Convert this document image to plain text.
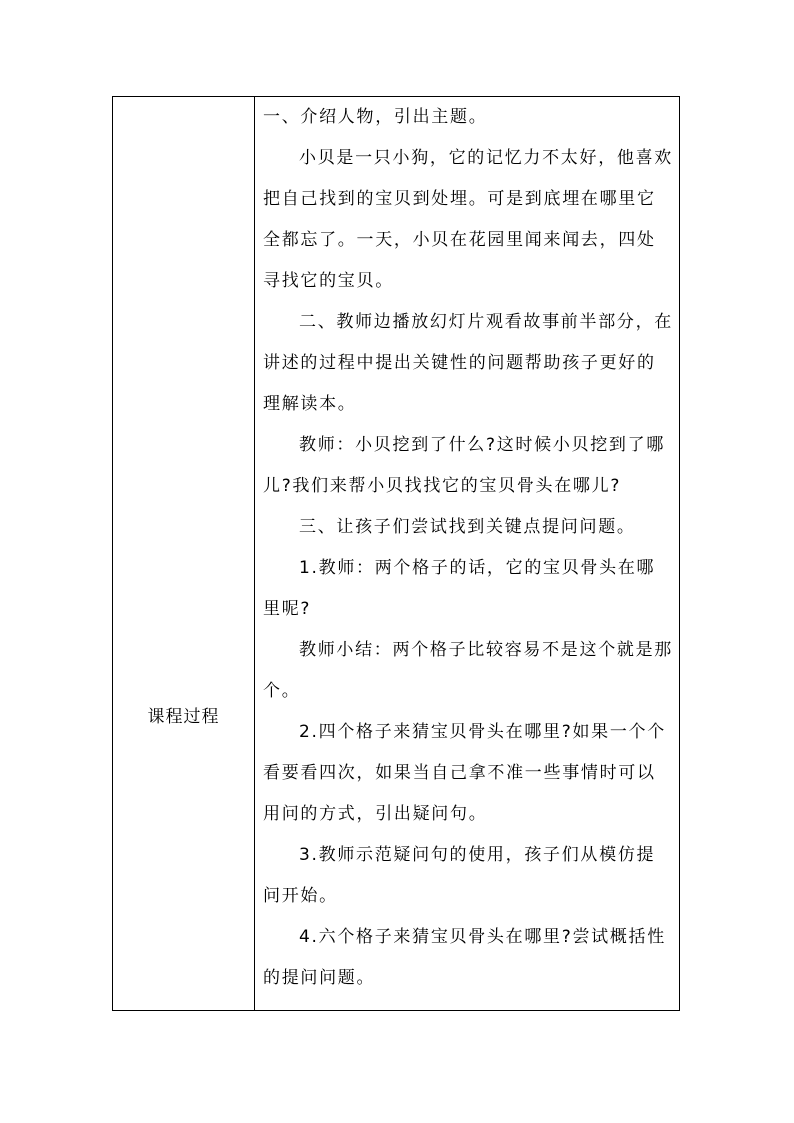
课程过程

一、介绍人物，引出主题。

小贝是一只小狗，它的记忆力不太好，他喜欢把自己找到的宝贝到处埋。可是到底埋在哪里它全都忘了。一天，小贝在花园里闻来闻去，四处寻找它的宝贝。

二、教师边播放幻灯片观看故事前半部分，在讲述的过程中提出关键性的问题帮助孩子更好的理解读本。

教师：小贝挖到了什么?这时候小贝挖到了哪儿?我们来帮小贝找找它的宝贝骨头在哪儿?

三、让孩子们尝试找到关键点提问问题。

1.教师：两个格子的话，它的宝贝骨头在哪里呢?

教师小结：两个格子比较容易不是这个就是那个。

2.四个格子来猜宝贝骨头在哪里?如果一个个看要看四次，如果当自己拿不准一些事情时可以用问的方式，引出疑问句。

3.教师示范疑问句的使用，孩子们从模仿提问开始。

4.六个格子来猜宝贝骨头在哪里?尝试概括性的提问问题。
